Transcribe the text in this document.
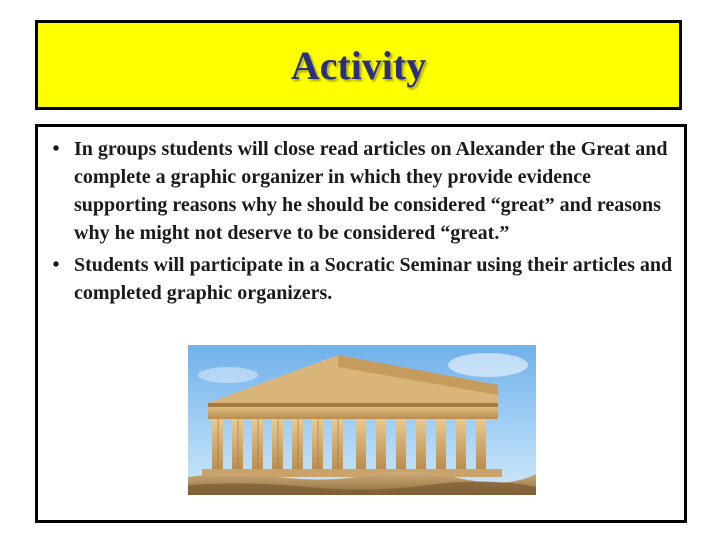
Activity
• In groups students will close read articles on Alexander the Great and complete a graphic organizer in which they provide evidence supporting reasons why he should be considered “great” and reasons why he might not deserve to be considered “great.”
• Students will participate in a Socratic Seminar using their articles and completed graphic organizers.
